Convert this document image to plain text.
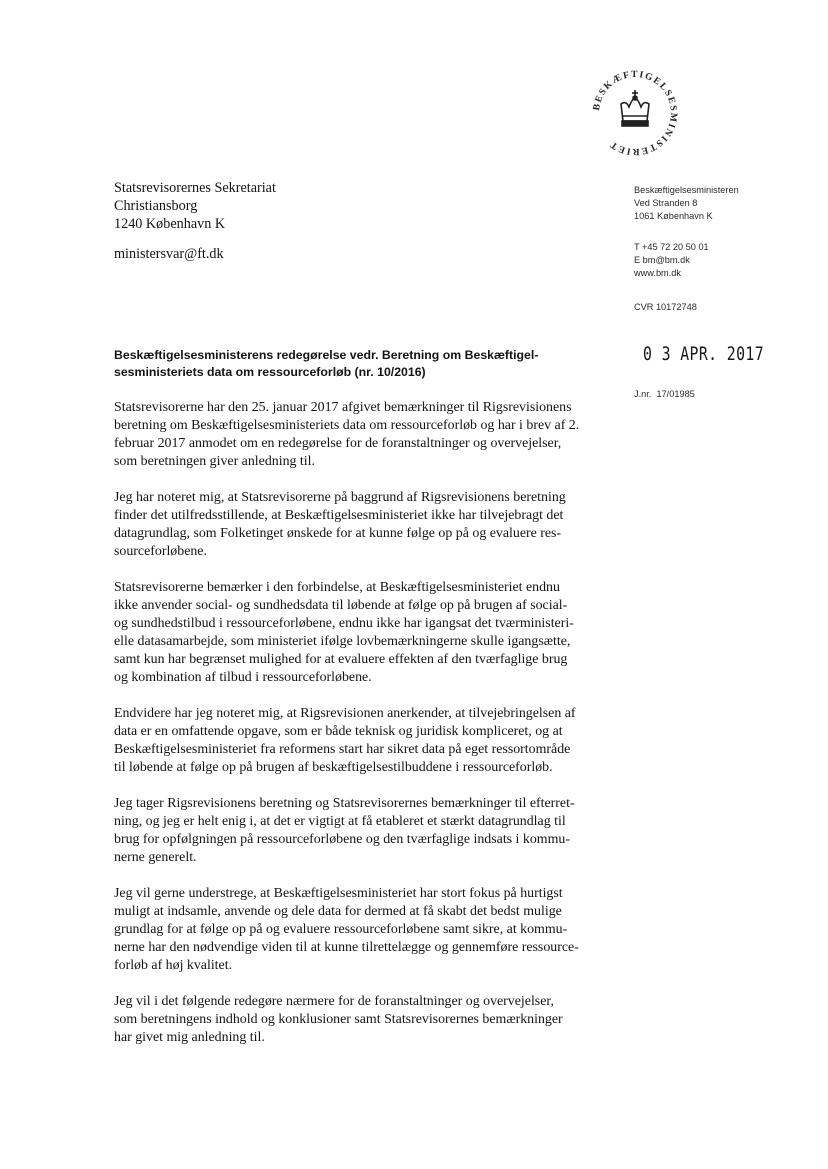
BESKÆFTIGELSESMINISTERIET
Statsrevisorernes Sekretariat
Christiansborg
1240 København K
ministersvar@ft.dk
Beskæftigelsesministeren
Ved Stranden 8
1061 København K
T +45 72 20 50 01
E bm@bm.dk
www.bm.dk
CVR 10172748
0 3 APR. 2017
J.nr.  17/01985
Beskæftigelsesministerens redegørelse vedr. Beretning om Beskæftigel-
sesministeriets data om ressourceforløb (nr. 10/2016)

Statsrevisorerne har den 25. januar 2017 afgivet bemærkninger til Rigsrevisionens
beretning om Beskæftigelsesministeriets data om ressourceforløb og har i brev af 2.
februar 2017 anmodet om en redegørelse for de foranstaltninger og overvejelser,
som beretningen giver anledning til.

Jeg har noteret mig, at Statsrevisorerne på baggrund af Rigsrevisionens beretning
finder det utilfredsstillende, at Beskæftigelsesministeriet ikke har tilvejebragt det
datagrundlag, som Folketinget ønskede for at kunne følge op på og evaluere res-
sourceforløbene.

Statsrevisorerne bemærker i den forbindelse, at Beskæftigelsesministeriet endnu
ikke anvender social- og sundhedsdata til løbende at følge op på brugen af social-
og sundhedstilbud i ressourceforløbene, endnu ikke har igangsat det tværministeri-
elle datasamarbejde, som ministeriet ifølge lovbemærkningerne skulle igangsætte,
samt kun har begrænset mulighed for at evaluere effekten af den tværfaglige brug
og kombination af tilbud i ressourceforløbene.

Endvidere har jeg noteret mig, at Rigsrevisionen anerkender, at tilvejebringelsen af
data er en omfattende opgave, som er både teknisk og juridisk kompliceret, og at
Beskæftigelsesministeriet fra reformens start har sikret data på eget ressortområde
til løbende at følge op på brugen af beskæftigelsestilbuddene i ressourceforløb.

Jeg tager Rigsrevisionens beretning og Statsrevisorernes bemærkninger til efterret-
ning, og jeg er helt enig i, at det er vigtigt at få etableret et stærkt datagrundlag til
brug for opfølgningen på ressourceforløbene og den tværfaglige indsats i kommu-
nerne generelt.

Jeg vil gerne understrege, at Beskæftigelsesministeriet har stort fokus på hurtigst
muligt at indsamle, anvende og dele data for dermed at få skabt det bedst mulige
grundlag for at følge op på og evaluere ressourceforløbene samt sikre, at kommu-
nerne har den nødvendige viden til at kunne tilrettelægge og gennemføre ressource-
forløb af høj kvalitet.

Jeg vil i det følgende redegøre nærmere for de foranstaltninger og overvejelser,
som beretningens indhold og konklusioner samt Statsrevisorernes bemærkninger
har givet mig anledning til.
